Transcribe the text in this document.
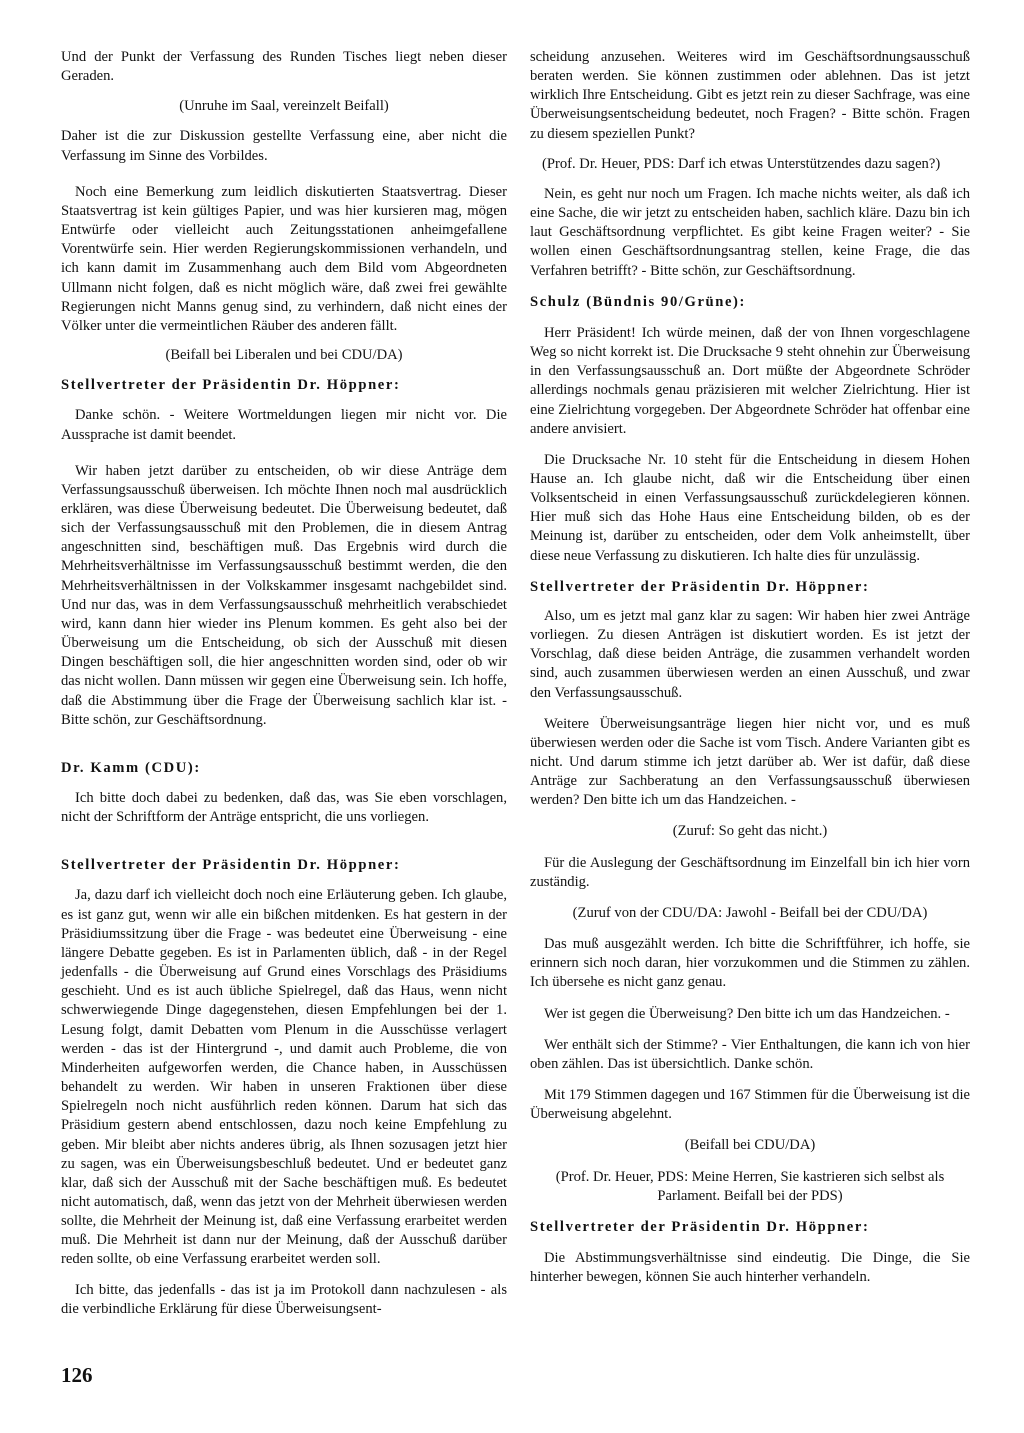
Und der Punkt der Verfassung des Runden Tisches liegt neben dieser Geraden.

(Unruhe im Saal, vereinzelt Beifall)

Daher ist die zur Diskussion gestellte Verfassung eine, aber nicht die Verfassung im Sinne des Vorbildes.

Noch eine Bemerkung zum leidlich diskutierten Staatsvertrag. Dieser Staatsvertrag ist kein gültiges Papier, und was hier kursieren mag, mögen Entwürfe oder vielleicht auch Zeitungsstationen anheimgefallene Vorentwürfe sein. Hier werden Regierungskommissionen verhandeln, und ich kann damit im Zusammenhang auch dem Bild vom Abgeordneten Ullmann nicht folgen, daß es nicht möglich wäre, daß zwei frei gewählte Regierungen nicht Manns genug sind, zu verhindern, daß nicht eines der Völker unter die vermeintlichen Räuber des anderen fällt.

(Beifall bei Liberalen und bei CDU/DA)

Stellvertreter der Präsidentin Dr. Höppner:

Danke schön. - Weitere Wortmeldungen liegen mir nicht vor. Die Aussprache ist damit beendet.

Wir haben jetzt darüber zu entscheiden, ob wir diese Anträge dem Verfassungsausschuß überweisen. Ich möchte Ihnen noch mal ausdrücklich erklären, was diese Überweisung bedeutet. Die Überweisung bedeutet, daß sich der Verfassungsausschuß mit den Problemen, die in diesem Antrag angeschnitten sind, beschäftigen muß. Das Ergebnis wird durch die Mehrheitsverhältnisse im Verfassungsausschuß bestimmt werden, die den Mehrheitsverhältnissen in der Volkskammer insgesamt nachgebildet sind. Und nur das, was in dem Verfassungsausschuß mehrheitlich verabschiedet wird, kann dann hier wieder ins Plenum kommen. Es geht also bei der Überweisung um die Entscheidung, ob sich der Ausschuß mit diesen Dingen beschäftigen soll, die hier angeschnitten worden sind, oder ob wir das nicht wollen. Dann müssen wir gegen eine Überweisung sein. Ich hoffe, daß die Abstimmung über die Frage der Überweisung sachlich klar ist. - Bitte schön, zur Geschäftsordnung.

Dr. Kamm (CDU):

Ich bitte doch dabei zu bedenken, daß das, was Sie eben vorschlagen, nicht der Schriftform der Anträge entspricht, die uns vorliegen.

Stellvertreter der Präsidentin Dr. Höppner:

Ja, dazu darf ich vielleicht doch noch eine Erläuterung geben. Ich glaube, es ist ganz gut, wenn wir alle ein bißchen mitdenken. Es hat gestern in der Präsidiumssitzung über die Frage - was bedeutet eine Überweisung - eine längere Debatte gegeben. Es ist in Parlamenten üblich, daß - in der Regel jedenfalls - die Überweisung auf Grund eines Vorschlags des Präsidiums geschieht. Und es ist auch übliche Spielregel, daß das Haus, wenn nicht schwerwiegende Dinge dagegenstehen, diesen Empfehlungen bei der 1. Lesung folgt, damit Debatten vom Plenum in die Ausschüsse verlagert werden - das ist der Hintergrund -, und damit auch Probleme, die von Minderheiten aufgeworfen werden, die Chance haben, in Ausschüssen behandelt zu werden. Wir haben in unseren Fraktionen über diese Spielregeln noch nicht ausführlich reden können. Darum hat sich das Präsidium gestern abend entschlossen, dazu noch keine Empfehlung zu geben. Mir bleibt aber nichts anderes übrig, als Ihnen sozusagen jetzt hier zu sagen, was ein Überweisungsbeschluß bedeutet. Und er bedeutet ganz klar, daß sich der Ausschuß mit der Sache beschäftigen muß. Es bedeutet nicht automatisch, daß, wenn das jetzt von der Mehrheit überwiesen werden sollte, die Mehrheit der Meinung ist, daß eine Verfassung erarbeitet werden muß. Die Mehrheit ist dann nur der Meinung, daß der Ausschuß darüber reden sollte, ob eine Verfassung erarbeitet werden soll.

Ich bitte, das jedenfalls - das ist ja im Protokoll dann nachzulesen - als die verbindliche Erklärung für diese Überweisungsent-

scheidung anzusehen. Weiteres wird im Geschäftsordnungsausschuß beraten werden. Sie können zustimmen oder ablehnen. Das ist jetzt wirklich Ihre Entscheidung. Gibt es jetzt rein zu dieser Sachfrage, was eine Überweisungsentscheidung bedeutet, noch Fragen? - Bitte schön. Fragen zu diesem speziellen Punkt?

(Prof. Dr. Heuer, PDS: Darf ich etwas Unterstützendes dazu sagen?)

Nein, es geht nur noch um Fragen. Ich mache nichts weiter, als daß ich eine Sache, die wir jetzt zu entscheiden haben, sachlich kläre. Dazu bin ich laut Geschäftsordnung verpflichtet. Es gibt keine Fragen weiter? - Sie wollen einen Geschäftsordnungsantrag stellen, keine Frage, die das Verfahren betrifft? - Bitte schön, zur Geschäftsordnung.

Schulz (Bündnis 90/Grüne):

Herr Präsident! Ich würde meinen, daß der von Ihnen vorgeschlagene Weg so nicht korrekt ist. Die Drucksache 9 steht ohnehin zur Überweisung in den Verfassungsausschuß an. Dort müßte der Abgeordnete Schröder allerdings nochmals genau präzisieren mit welcher Zielrichtung. Hier ist eine Zielrichtung vorgegeben. Der Abgeordnete Schröder hat offenbar eine andere anvisiert.

Die Drucksache Nr. 10 steht für die Entscheidung in diesem Hohen Hause an. Ich glaube nicht, daß wir die Entscheidung über einen Volksentscheid in einen Verfassungsausschuß zurückdelegieren können. Hier muß sich das Hohe Haus eine Entscheidung bilden, ob es der Meinung ist, darüber zu entscheiden, oder dem Volk anheimstellt, über diese neue Verfassung zu diskutieren. Ich halte dies für unzulässig.

Stellvertreter der Präsidentin Dr. Höppner:

Also, um es jetzt mal ganz klar zu sagen: Wir haben hier zwei Anträge vorliegen. Zu diesen Anträgen ist diskutiert worden. Es ist jetzt der Vorschlag, daß diese beiden Anträge, die zusammen verhandelt worden sind, auch zusammen überwiesen werden an einen Ausschuß, und zwar den Verfassungsausschuß.

Weitere Überweisungsanträge liegen hier nicht vor, und es muß überwiesen werden oder die Sache ist vom Tisch. Andere Varianten gibt es nicht. Und darum stimme ich jetzt darüber ab. Wer ist dafür, daß diese Anträge zur Sachberatung an den Verfassungsausschuß überwiesen werden? Den bitte ich um das Handzeichen. -

(Zuruf: So geht das nicht.)

Für die Auslegung der Geschäftsordnung im Einzelfall bin ich hier vorn zuständig.

(Zuruf von der CDU/DA: Jawohl - Beifall bei der CDU/DA)

Das muß ausgezählt werden. Ich bitte die Schriftführer, ich hoffe, sie erinnern sich noch daran, hier vorzukommen und die Stimmen zu zählen. Ich übersehe es nicht ganz genau.

Wer ist gegen die Überweisung? Den bitte ich um das Handzeichen. -

Wer enthält sich der Stimme? - Vier Enthaltungen, die kann ich von hier oben zählen. Das ist übersichtlich. Danke schön.

Mit 179 Stimmen dagegen und 167 Stimmen für die Überweisung ist die Überweisung abgelehnt.

(Beifall bei CDU/DA)

(Prof. Dr. Heuer, PDS: Meine Herren, Sie kastrieren sich selbst als Parlament. Beifall bei der PDS)

Stellvertreter der Präsidentin Dr. Höppner:

Die Abstimmungsverhältnisse sind eindeutig. Die Dinge, die Sie hinterher bewegen, können Sie auch hinterher verhandeln.

126
